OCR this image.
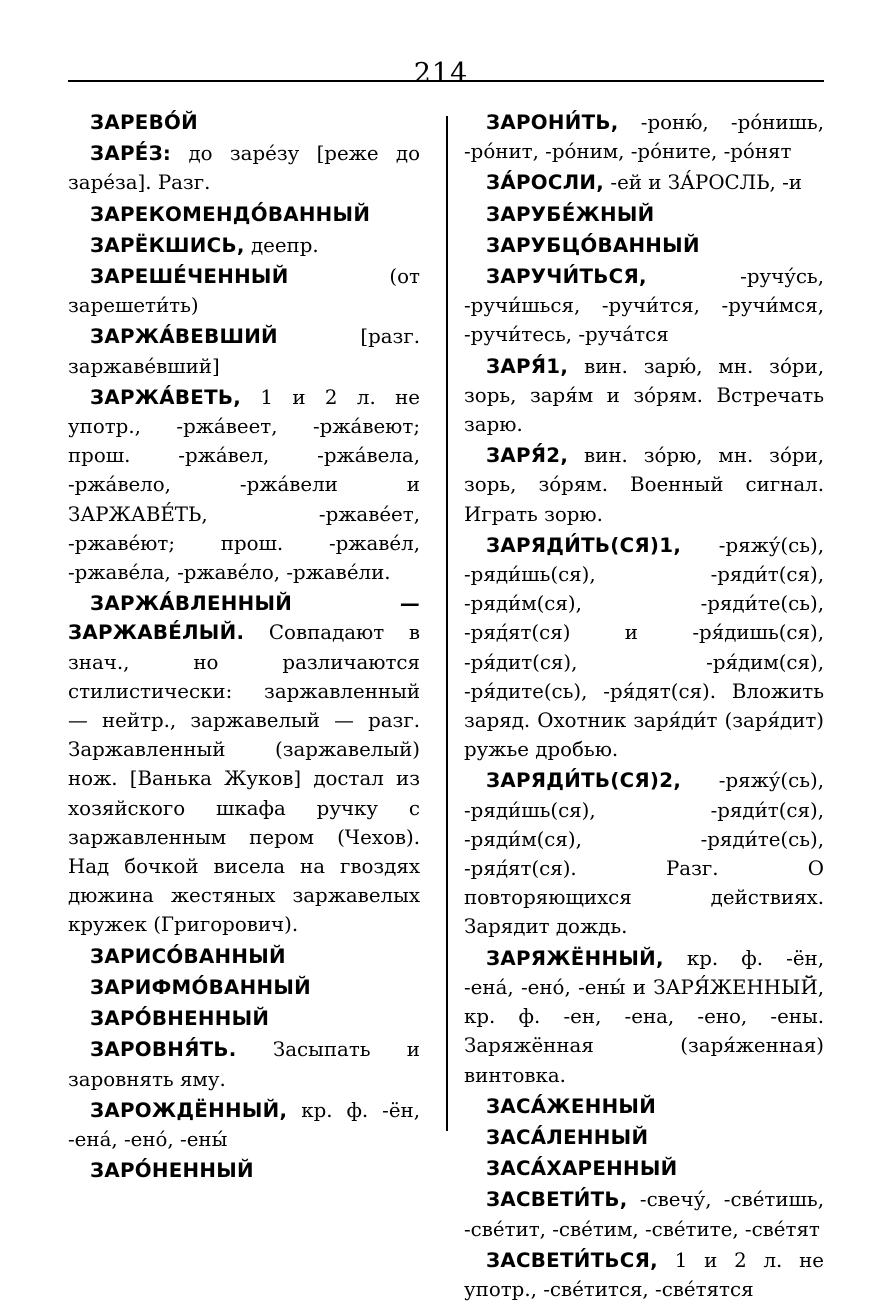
214

ЗАРЕВО́Й

ЗАРЕ́З: до заре́зу [реже до заре́за]. Разг.

ЗАРЕКОМЕНДО́ВАННЫЙ

ЗАРЁКШИСЬ, деепр.

ЗАРЕШЕ́ЧЕННЫЙ (от зарешети́ть)

ЗАРЖА́ВЕВШИЙ [разг. заржаве́вший]

ЗАРЖА́ВЕТЬ, 1 и 2 л. не употр., -ржа́веет, -ржа́веют; прош. -ржа́вел, -ржа́вела, -ржа́вело, -ржа́вели и ЗАРЖАВЕ́ТЬ, -ржаве́ет, -ржаве́ют; прош. -ржаве́л, -ржаве́ла, -ржаве́ло, -ржаве́ли.

ЗАРЖА́ВЛЕННЫЙ — ЗАРЖАВЕ́ЛЫЙ. Совпадают в знач., но различаются стилистически: заржавленный — нейтр., заржавелый — разг. Заржавленный (заржавелый) нож. [Ванька Жуков] достал из хозяйского шкафа ручку с заржавленным пером (Чехов). Над бочкой висела на гвоздях дюжина жестяных заржавелых кружек (Григорович).

ЗАРИСО́ВАННЫЙ

ЗАРИФМО́ВАННЫЙ

ЗАРО́ВНЕННЫЙ

ЗАРОВНЯ́ТЬ. Засыпать и заровнять яму.

ЗАРОЖДЁННЫЙ, кр. ф. -ён, -ена́, -ено́, -ены́

ЗАРО́НЕННЫЙ

ЗАРОНИ́ТЬ, -роню́, -ро́нишь, -ро́нит, -ро́ним, -ро́ните, -ро́нят

ЗА́РОСЛИ, -ей и ЗА́РОСЛЬ, -и

ЗАРУБЕ́ЖНЫЙ

ЗАРУБЦО́ВАННЫЙ

ЗАРУЧИ́ТЬСЯ, -ручу́сь, -ручи́шься, -ручи́тся, -ручи́мся, -ручи́тесь, -руча́тся

ЗАРЯ́1, вин. зарю́, мн. зо́ри, зорь, заря́м и зо́рям. Встречать зарю.

ЗАРЯ́2, вин. зо́рю, мн. зо́ри, зорь, зо́рям. Военный сигнал. Играть зорю.

ЗАРЯДИ́ТЬ(СЯ)1, -ряжу́(сь), -ряди́шь(ся), -ряди́т(ся), -ряди́м(ся), -ряди́те(сь), -ряд́ят(ся) и -ря́дишь(ся), -ря́дит(ся), -ря́дим(ся), -ря́дите(сь), -ря́дят(ся). Вложить заряд. Охотник заря́ди́т (заря́дит) ружье дробью.

ЗАРЯДИ́ТЬ(СЯ)2, -ряжу́(сь), -ряди́шь(ся), -ряди́т(ся), -ряди́м(ся), -ряди́те(сь), -ряд́ят(ся). Разг. О повторяющихся действиях. Зарядит дождь.

ЗАРЯЖЁННЫЙ, кр. ф. -ён, -ена́, -ено́, -ены́ и ЗАРЯ́ЖЕННЫЙ, кр. ф. -ен, -ена, -ено, -ены. Заряжённая (заря́женная) винтовка.

ЗАСА́ЖЕННЫЙ

ЗАСА́ЛЕННЫЙ

ЗАСА́ХАРЕННЫЙ

ЗАСВЕТИ́ТЬ, -свечу́, -све́тишь, -све́тит, -све́тим, -све́тите, -све́тят

ЗАСВЕТИ́ТЬСЯ, 1 и 2 л. не употр., -све́тится, -све́тятся
